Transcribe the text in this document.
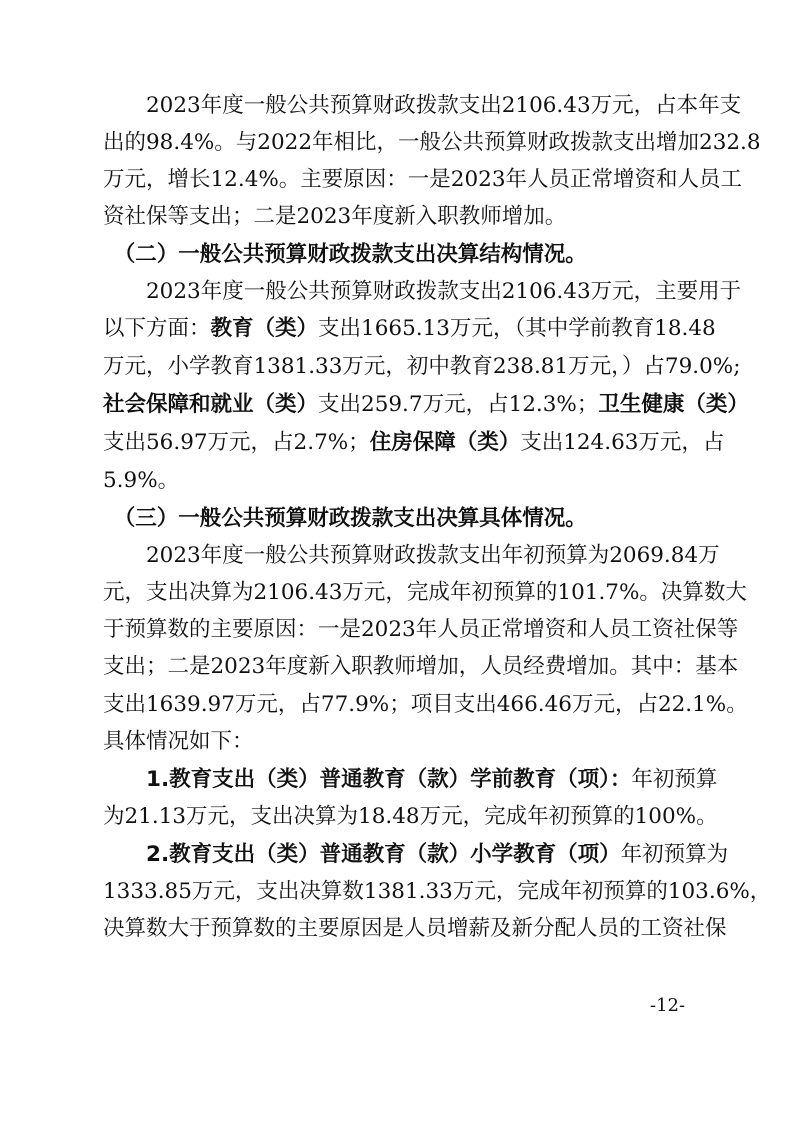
　　2023年度一般公共预算财政拨款支出2106.43万元，占本年支
出的98.4%。与2022年相比，一般公共预算财政拨款支出增加232.8
万元，增长12.4%。主要原因：一是2023年人员正常增资和人员工
资社保等支出；二是2023年度新入职教师增加。
　（二）一般公共预算财政拨款支出决算结构情况。
　　2023年度一般公共预算财政拨款支出2106.43万元，主要用于
以下方面：教育（类）支出1665.13万元，（其中学前教育18.48
万元，小学教育1381.33万元，初中教育238.81万元，）占79.0%;
社会保障和就业（类）支出259.7万元，占12.3%；卫生健康（类）
支出56.97万元，占2.7%；住房保障（类）支出124.63万元，占
5.9%。
　（三）一般公共预算财政拨款支出决算具体情况。
　　2023年度一般公共预算财政拨款支出年初预算为2069.84万
元，支出决算为2106.43万元，完成年初预算的101.7%。决算数大
于预算数的主要原因：一是2023年人员正常增资和人员工资社保等
支出；二是2023年度新入职教师增加，人员经费增加。其中：基本
支出1639.97万元，占77.9%；项目支出466.46万元，占22.1%。
具体情况如下：
　　1.教育支出（类）普通教育（款）学前教育（项）：年初预算
为21.13万元，支出决算为18.48万元，完成年初预算的100%。
　　2.教育支出（类）普通教育（款）小学教育（项）年初预算为
1333.85万元，支出决算数1381.33万元，完成年初预算的103.6%，
决算数大于预算数的主要原因是人员增薪及新分配人员的工资社保
-12-
